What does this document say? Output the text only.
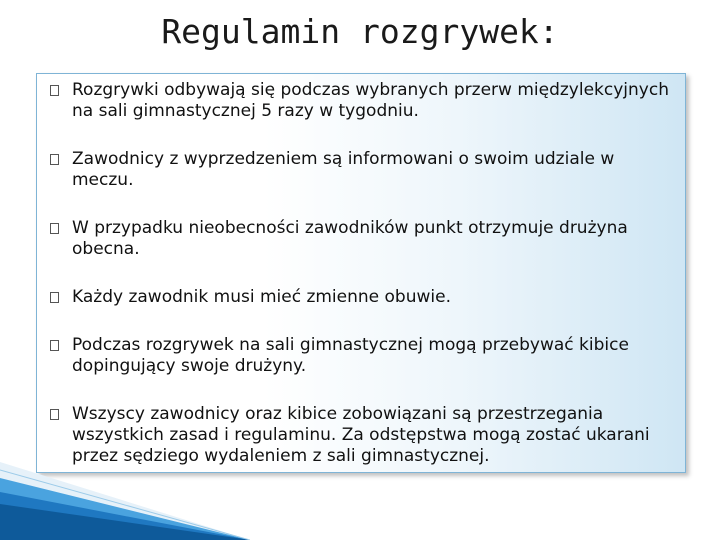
Regulamin rozgrywek:
Rozgrywki odbywają się podczas wybranych przerw międzylekcyjnych na sali gimnastycznej 5 razy w tygodniu.
Zawodnicy z wyprzedzeniem są informowani o swoim udziale w meczu.
W przypadku nieobecności zawodników punkt otrzymuje drużyna obecna.
Każdy zawodnik musi mieć zmienne obuwie.
Podczas rozgrywek na sali gimnastycznej mogą przebywać kibice dopingujący swoje drużyny.
Wszyscy zawodnicy oraz kibice zobowiązani są przestrzegania wszystkich zasad i regulaminu. Za odstępstwa mogą zostać ukarani przez sędziego wydaleniem z sali gimnastycznej.
